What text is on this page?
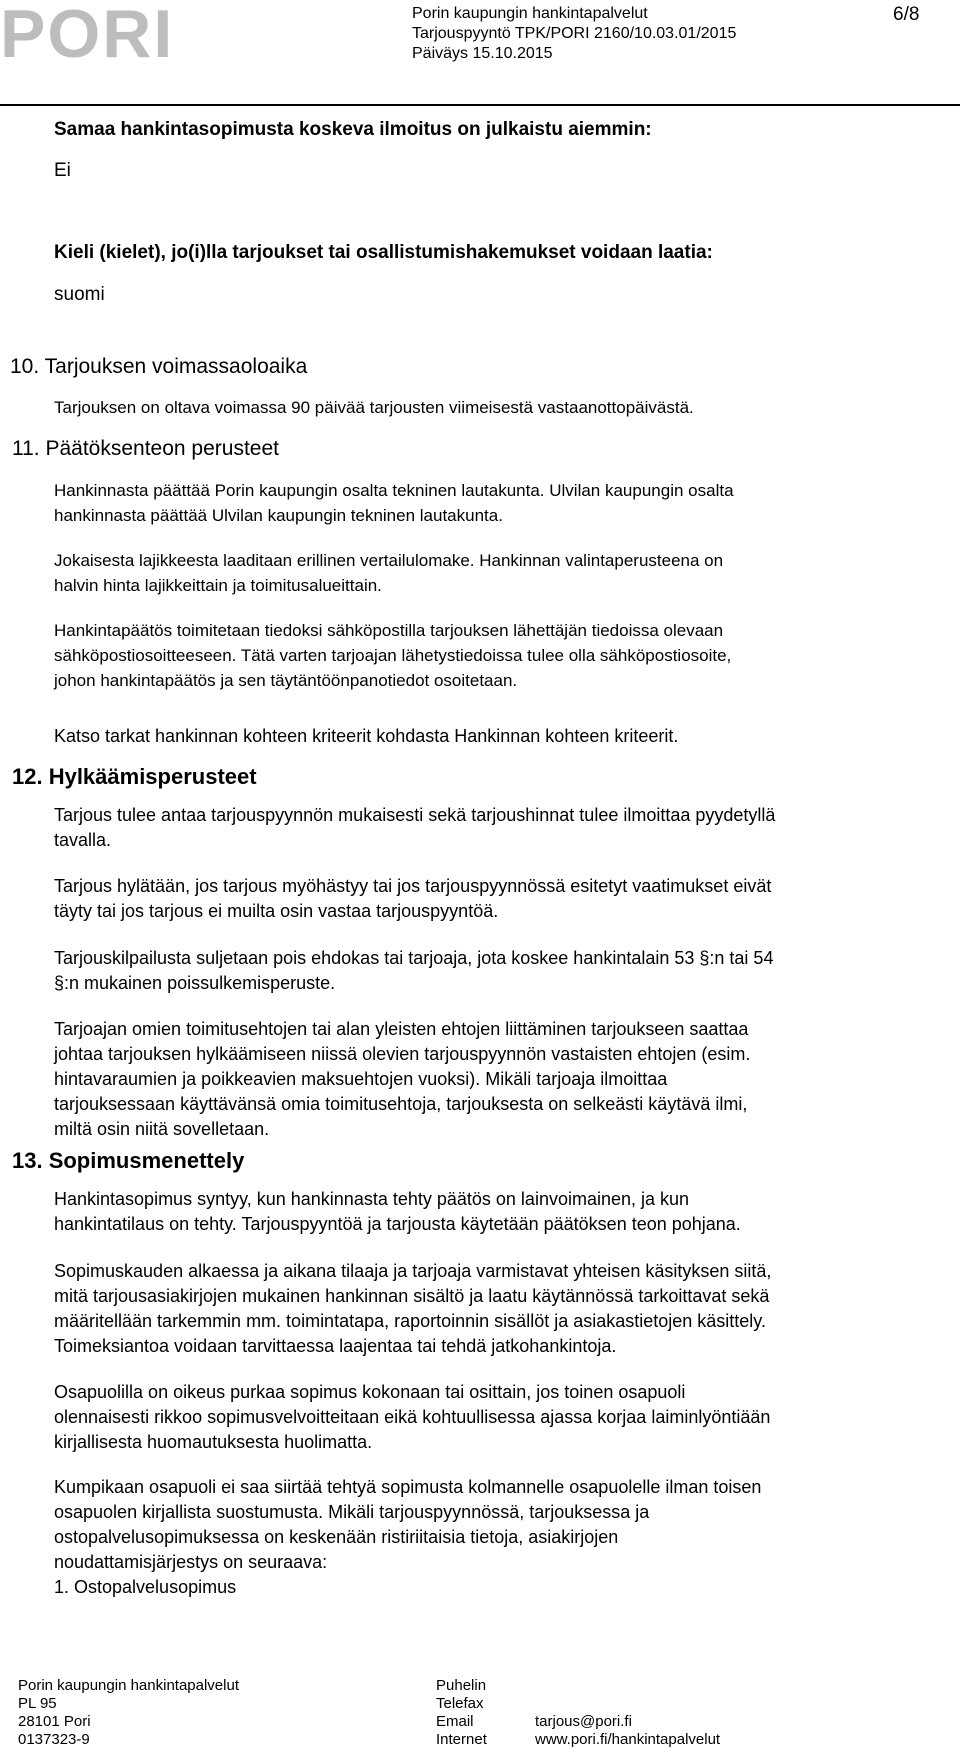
PORI	Porin kaupungin hankintapalvelut
Tarjouspyyntö TPK/PORI 2160/10.03.01/2015
Päiväys 15.10.2015
6/8
Samaa hankintasopimusta koskeva ilmoitus on julkaistu aiemmin:
Ei
Kieli (kielet), jo(i)lla tarjoukset tai osallistumishakemukset voidaan laatia:
suomi
10. Tarjouksen voimassaoloaika
Tarjouksen on oltava voimassa 90 päivää tarjousten viimeisestä vastaanottopäivästä.
11. Päätöksenteon perusteet
Hankinnasta päättää Porin kaupungin osalta tekninen lautakunta. Ulvilan kaupungin osalta
hankinnasta päättää Ulvilan kaupungin tekninen lautakunta.
Jokaisesta lajikkeesta laaditaan erillinen vertailulomake. Hankinnan valintaperusteena on
halvin hinta lajikkeittain ja toimitusalueittain.
Hankintapäätös toimitetaan tiedoksi sähköpostilla tarjouksen lähettäjän tiedoissa olevaan
sähköpostiosoitteeseen. Tätä varten tarjoajan lähetystiedoissa tulee olla sähköpostiosoite,
johon hankintapäätös ja sen täytäntöönpanotiedot osoitetaan.
Katso tarkat hankinnan kohteen kriteerit kohdasta Hankinnan kohteen kriteerit.
12. Hylkäämisperusteet
Tarjous tulee antaa tarjouspyynnön mukaisesti sekä tarjoushinnat tulee ilmoittaa pyydetyllä
tavalla.
Tarjous hylätään, jos tarjous myöhästyy tai jos tarjouspyynnössä esitetyt vaatimukset eivät
täyty tai jos tarjous ei muilta osin vastaa tarjouspyyntöä.
Tarjouskilpailusta suljetaan pois ehdokas tai tarjoaja, jota koskee hankintalain 53 §:n tai 54
§:n mukainen poissulkemisperuste.
Tarjoajan omien toimitusehtojen tai alan yleisten ehtojen liittäminen tarjoukseen saattaa
johtaa tarjouksen hylkäämiseen niissä olevien tarjouspyynnön vastaisten ehtojen (esim.
hintavaraumien ja poikkeavien maksuehtojen vuoksi). Mikäli tarjoaja ilmoittaa
tarjouksessaan käyttävänsä omia toimitusehtoja, tarjouksesta on selkeästi käytävä ilmi,
miltä osin niitä sovelletaan.
13. Sopimusmenettely
Hankintasopimus syntyy, kun hankinnasta tehty päätös on lainvoimainen, ja kun
hankintatilaus on tehty. Tarjouspyyntöä ja tarjousta käytetään päätöksen teon pohjana.
Sopimuskauden alkaessa ja aikana tilaaja ja tarjoaja varmistavat yhteisen käsityksen siitä,
mitä tarjousasiakirjojen mukainen hankinnan sisältö ja laatu käytännössä tarkoittavat sekä
määritellään tarkemmin mm. toimintatapa, raportoinnin sisällöt ja asiakastietojen käsittely.
Toimeksiantoa voidaan tarvittaessa laajentaa tai tehdä jatkohankintoja.
Osapuolilla on oikeus purkaa sopimus kokonaan tai osittain, jos toinen osapuoli
olennaisesti rikkoo sopimusvelvoitteitaan eikä kohtuullisessa ajassa korjaa laiminlyöntiään
kirjallisesta huomautuksesta huolimatta.
Kumpikaan osapuoli ei saa siirtää tehtyä sopimusta kolmannelle osapuolelle ilman toisen
osapuolen kirjallista suostumusta. Mikäli tarjouspyynnössä, tarjouksessa ja
ostopalvelusopimuksessa on keskenään ristiriitaisia tietoja, asiakirjojen
noudattamisjärjestys on seuraava:
1. Ostopalvelusopimus
Porin kaupungin hankintapalvelut
PL 95
28101 Pori
0137323-9
Puhelin
Telefax
Email
Internet

tarjous@pori.fi
www.pori.fi/hankintapalvelut
